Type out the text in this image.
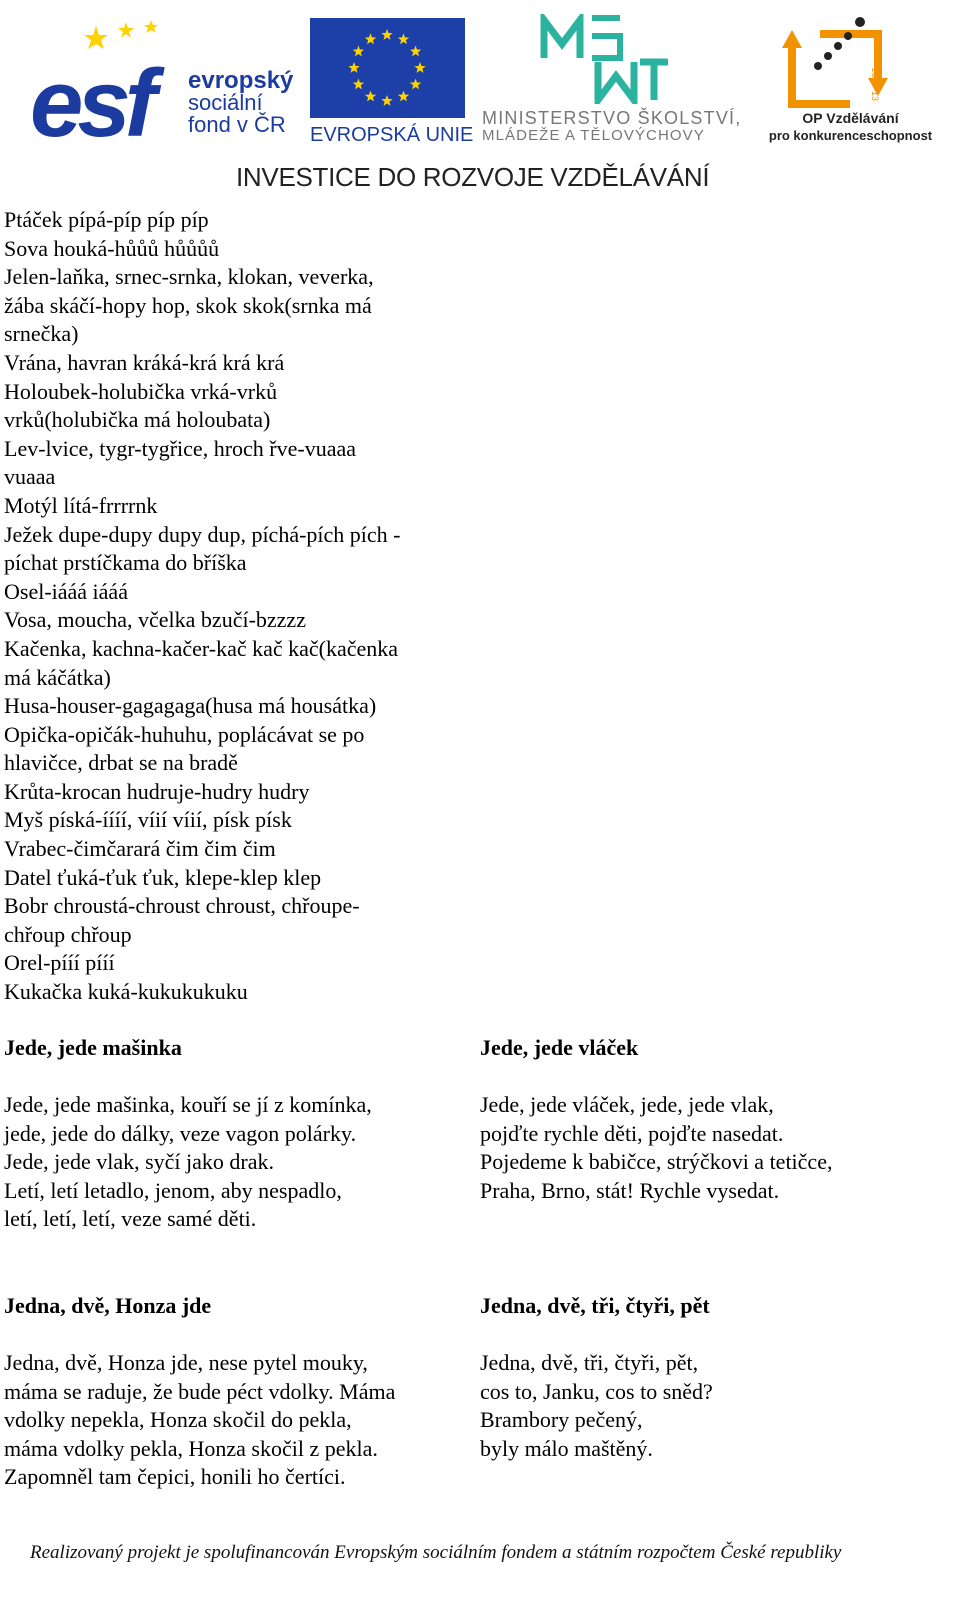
esf evropský
sociální
fond v ČR	EVROPSKÁ UNIE
MINISTERSTVO ŠKOLSTVÍ,
MLÁDEŽE A TĚLOVÝCHOVY
2007-13
OP Vzdělávání
pro konkurenceschopnost
INVESTICE DO ROZVOJE VZDĚLÁVÁNÍ
Ptáček pípá-píp píp píp
Sova houká-hůůů hůůůů
Jelen-laňka, srnec-srnka, klokan, veverka,
žába skáčí-hopy hop, skok skok(srnka má
srnečka)
Vrána, havran kráká-krá krá krá
Holoubek-holubička vrká-vrků
vrků(holubička má holoubata)
Lev-lvice, tygr-tygřice, hroch řve-vuaaa
vuaaa
Motýl lítá-frrrrnk
Ježek dupe-dupy dupy dup, píchá-pích pích -
píchat prstíčkama do bříška
Osel-iááá iááá
Vosa, moucha, včelka bzučí-bzzzz
Kačenka, kachna-kačer-kač kač kač(kačenka
má káčátka)
Husa-houser-gagagaga(husa má housátka)
Opička-opičák-huhuhu, poplácávat se po
hlavičce, drbat se na bradě
Krůta-krocan hudruje-hudry hudry
Myš píská-íííí, víií víií, písk písk
Vrabec-čimčarará čim čim čim
Datel ťuká-ťuk ťuk, klepe-klep klep
Bobr chroustá-chroust chroust, chřoupe-
chřoup chřoup
Orel-pííí pííí
Kukačka kuká-kukukukuku
Jede, jede mašinka
Jede, jede mašinka, kouří se jí z komínka,
jede, jede do dálky, veze vagon polárky.
Jede, jede vlak, syčí jako drak.
Letí, letí letadlo, jenom, aby nespadlo,
letí, letí, letí, veze samé děti.
Jede, jede vláček
Jede, jede vláček, jede, jede vlak,
pojďte rychle děti, pojďte nasedat.
Pojedeme k babičce, strýčkovi a tetičce,
Praha, Brno, stát! Rychle vysedat.
Jedna, dvě, Honza jde
Jedna, dvě, Honza jde, nese pytel mouky,
máma se raduje, že bude péct vdolky. Máma
vdolky nepekla, Honza skočil do pekla,
máma vdolky pekla, Honza skočil z pekla.
Zapomněl tam čepici, honili ho čertíci.
Jedna, dvě, tři, čtyři, pět
Jedna, dvě, tři, čtyři, pět,
cos to, Janku, cos to sněd?
Brambory pečený,
byly málo maštěný.
Realizovaný projekt je spolufinancován Evropským sociálním fondem a státním rozpočtem České republiky
